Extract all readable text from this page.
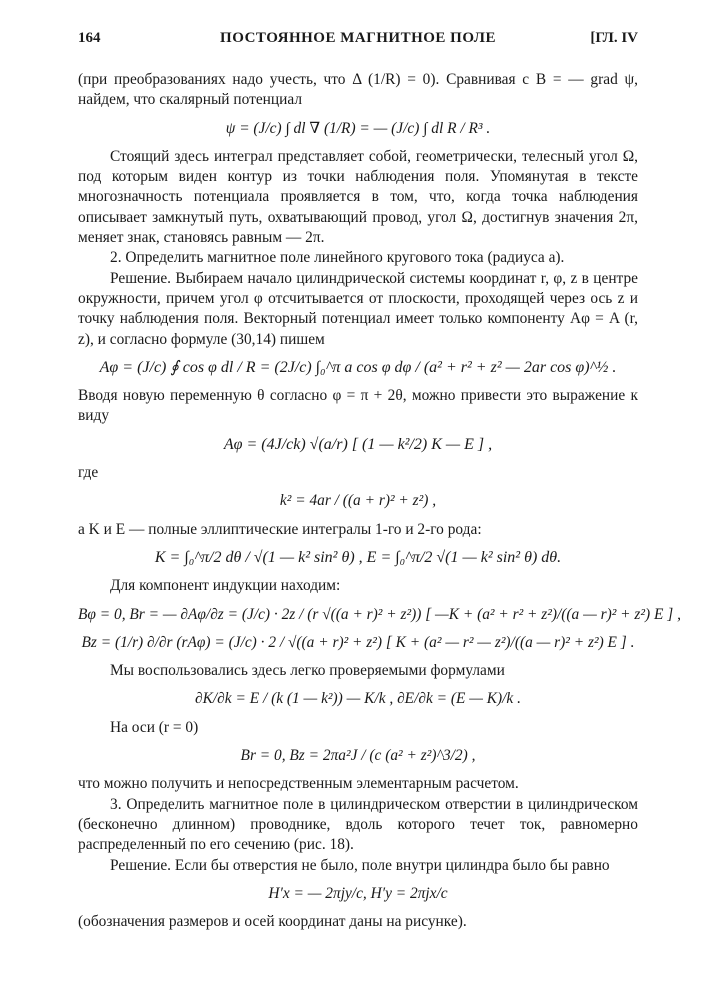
164	ПОСТОЯННОЕ МАГНИТНОЕ ПОЛЕ	[ГЛ. IV

(при преобразованиях надо учесть, что Δ (1/R) = 0). Сравнивая с B = — grad ψ, найдем, что скалярный потенциал

ψ = (J/c) ∫ dl ∇ (1/R) = — (J/c) ∫ dl R / R³ .

Стоящий здесь интеграл представляет собой, геометрически, телесный угол Ω, под которым виден контур из точки наблюдения поля. Упомянутая в тексте многозначность потенциала проявляется в том, что, когда точка наблюдения описывает замкнутый путь, охватывающий провод, угол Ω, достигнув значения 2π, меняет знак, становясь равным — 2π.

2. Определить магнитное поле линейного кругового тока (радиуса a).

Решение. Выбираем начало цилиндрической системы координат r, φ, z в центре окружности, причем угол φ отсчитывается от плоскости, проходящей через ось z и точку наблюдения поля. Векторный потенциал имеет только компоненту Aφ = A (r, z), и согласно формуле (30,14) пишем

Aφ = (J/c) ∮ cos φ dl / R = (2J/c) ∫₀^π a cos φ dφ / (a² + r² + z² — 2ar cos φ)^½ .

Вводя новую переменную θ согласно φ = π + 2θ, можно привести это выражение к виду

Aφ = (4J/ck) √(a/r) [ (1 — k²/2) K — E ] ,

где

k² = 4ar / ((a + r)² + z²) ,

а K и E — полные эллиптические интегралы 1-го и 2-го рода:

K = ∫₀^π/2 dθ / √(1 — k² sin² θ) , E = ∫₀^π/2 √(1 — k² sin² θ) dθ.

Для компонент индукции находим:

Bφ = 0, Br = — ∂Aφ/∂z = (J/c) · 2z / (r √((a + r)² + z²)) [ —K + (a² + r² + z²)/((a — r)² + z²) E ] ,
Bz = (1/r) ∂/∂r (rAφ) = (J/c) · 2 / √((a + r)² + z²) [ K + (a² — r² — z²)/((a — r)² + z²) E ] .

Мы воспользовались здесь легко проверяемыми формулами

∂K/∂k = E / (k (1 — k²)) — K/k , ∂E/∂k = (E — K)/k .

На оси (r = 0)

Br = 0, Bz = 2πa²J / (c (a² + z²)^3/2) ,

что можно получить и непосредственным элементарным расчетом.

3. Определить магнитное поле в цилиндрическом отверстии в цилиндрическом (бесконечно длинном) проводнике, вдоль которого течет ток, равномерно распределенный по его сечению (рис. 18).

Решение. Если бы отверстия не было, поле внутри цилиндра было бы равно

H′x = — 2πjy/c, H′y = 2πjx/c

(обозначения размеров и осей координат даны на рисунке).
